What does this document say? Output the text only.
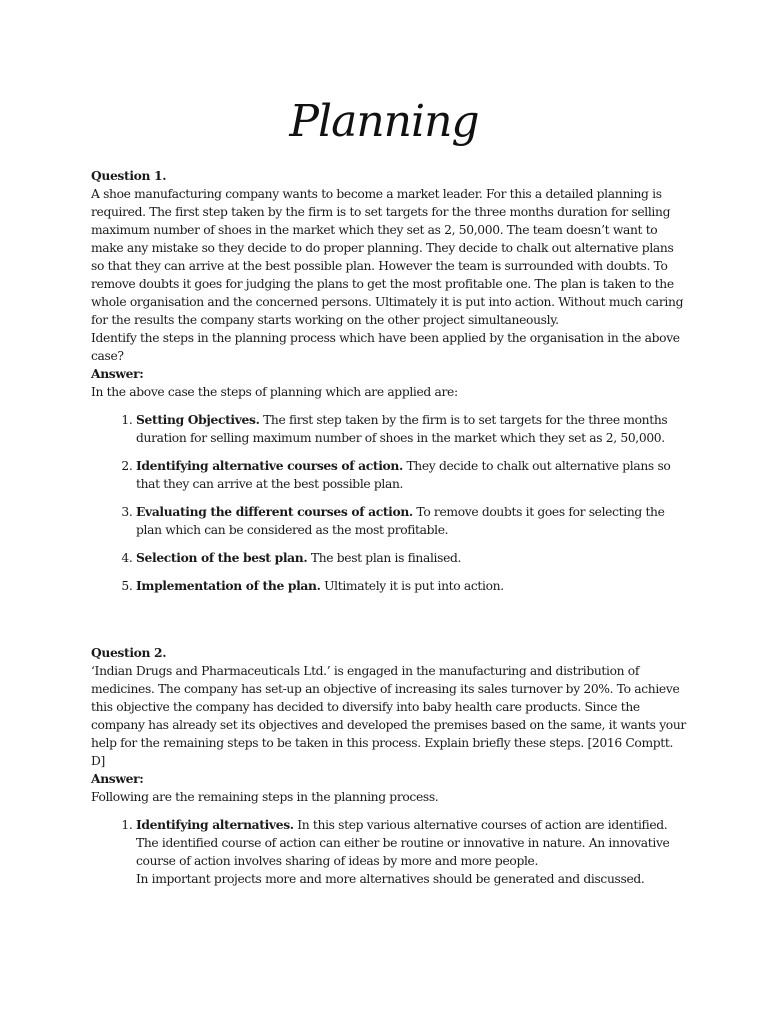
Planning

Question 1.

A shoe manufacturing company wants to become a market leader. For this a detailed planning is required. The first step taken by the firm is to set targets for the three months duration for selling maximum number of shoes in the market which they set as 2, 50,000. The team doesn’t want to make any mistake so they decide to do proper planning. They decide to chalk out alternative plans so that they can arrive at the best possible plan. However the team is surrounded with doubts. To remove doubts it goes for judging the plans to get the most profitable one. The plan is taken to the whole organisation and the concerned persons. Ultimately it is put into action. Without much caring for the results the company starts working on the other project simultaneously.

Identify the steps in the planning process which have been applied by the organisation in the above case?

Answer:

In the above case the steps of planning which are applied are:

1. Setting Objectives. The first step taken by the firm is to set targets for the three months duration for selling maximum number of shoes in the market which they set as 2, 50,000.
2. Identifying alternative courses of action. They decide to chalk out alternative plans so that they can arrive at the best possible plan.
3. Evaluating the different courses of action. To remove doubts it goes for selecting the plan which can be considered as the most profitable.
4. Selection of the best plan. The best plan is finalised.
5. Implementation of the plan. Ultimately it is put into action.

Question 2.

‘Indian Drugs and Pharmaceuticals Ltd.’ is engaged in the manufacturing and distribution of medicines. The company has set-up an objective of increasing its sales turnover by 20%. To achieve this objective the company has decided to diversify into baby health care products. Since the company has already set its objectives and developed the premises based on the same, it wants your help for the remaining steps to be taken in this process. Explain briefly these steps. [2016 Comptt. D]

Answer:

Following are the remaining steps in the planning process.

1. Identifying alternatives. In this step various alternative courses of action are identified. The identified course of action can either be routine or innovative in nature. An innovative course of action involves sharing of ideas by more and more people.
In important projects more and more alternatives should be generated and discussed.
